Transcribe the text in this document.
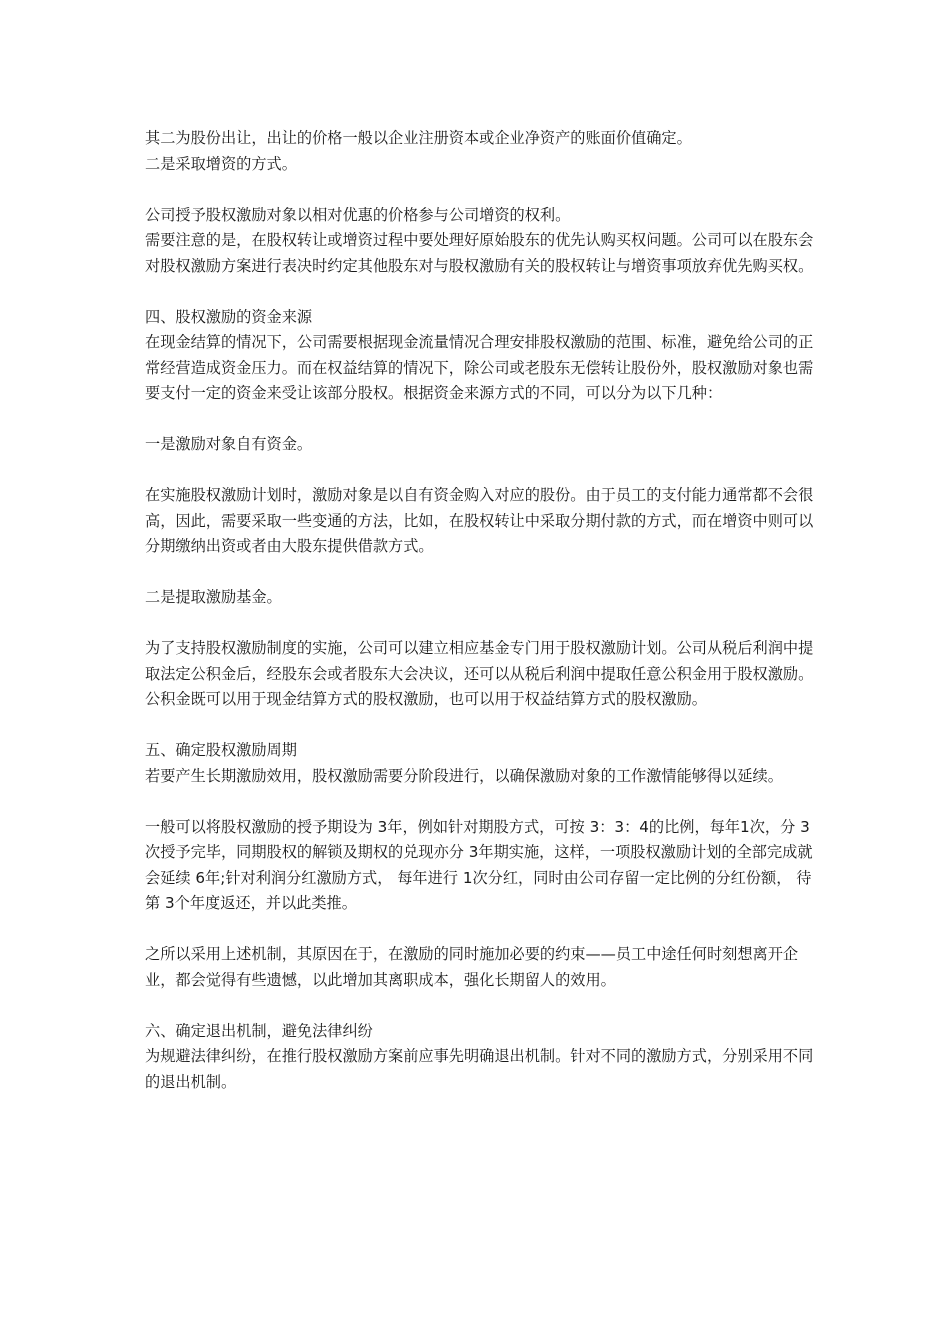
其二为股份出让，出让的价格一般以企业注册资本或企业净资产的账面价值确定。

二是采取增资的方式。

公司授予股权激励对象以相对优惠的价格参与公司增资的权利。

需要注意的是，在股权转让或增资过程中要处理好原始股东的优先认购买权问题。公司可以在股东会对股权激励方案进行表决时约定其他股东对与股权激励有关的股权转让与增资事项放弃优先购买权。

四、股权激励的资金来源

在现金结算的情况下，公司需要根据现金流量情况合理安排股权激励的范围、标准，避免给公司的正常经营造成资金压力。而在权益结算的情况下，除公司或老股东无偿转让股份外，股权激励对象也需要支付一定的资金来受让该部分股权。根据资金来源方式的不同，可以分为以下几种：

一是激励对象自有资金。

在实施股权激励计划时，激励对象是以自有资金购入对应的股份。由于员工的支付能力通常都不会很高，因此，需要采取一些变通的方法，比如，在股权转让中采取分期付款的方式，而在增资中则可以分期缴纳出资或者由大股东提供借款方式。

二是提取激励基金。

为了支持股权激励制度的实施，公司可以建立相应基金专门用于股权激励计划。公司从税后利润中提取法定公积金后，经股东会或者股东大会决议，还可以从税后利润中提取任意公积金用于股权激励。公积金既可以用于现金结算方式的股权激励，也可以用于权益结算方式的股权激励。

五、确定股权激励周期

若要产生长期激励效用，股权激励需要分阶段进行，以确保激励对象的工作激情能够得以延续。

一般可以将股权激励的授予期设为 3年，例如针对期股方式，可按 3：3：4的比例，每年1次，分 3次授予完毕，同期股权的解锁及期权的兑现亦分 3年期实施，这样，一项股权激励计划的全部完成就会延续 6年;针对利润分红激励方式， 每年进行 1次分红，同时由公司存留一定比例的分红份额， 待第 3个年度返还，并以此类推。

之所以采用上述机制，其原因在于，在激励的同时施加必要的约束——员工中途任何时刻想离开企业，都会觉得有些遗憾，以此增加其离职成本，强化长期留人的效用。

六、确定退出机制，避免法律纠纷

为规避法律纠纷，在推行股权激励方案前应事先明确退出机制。针对不同的激励方式，分别采用不同的退出机制。
